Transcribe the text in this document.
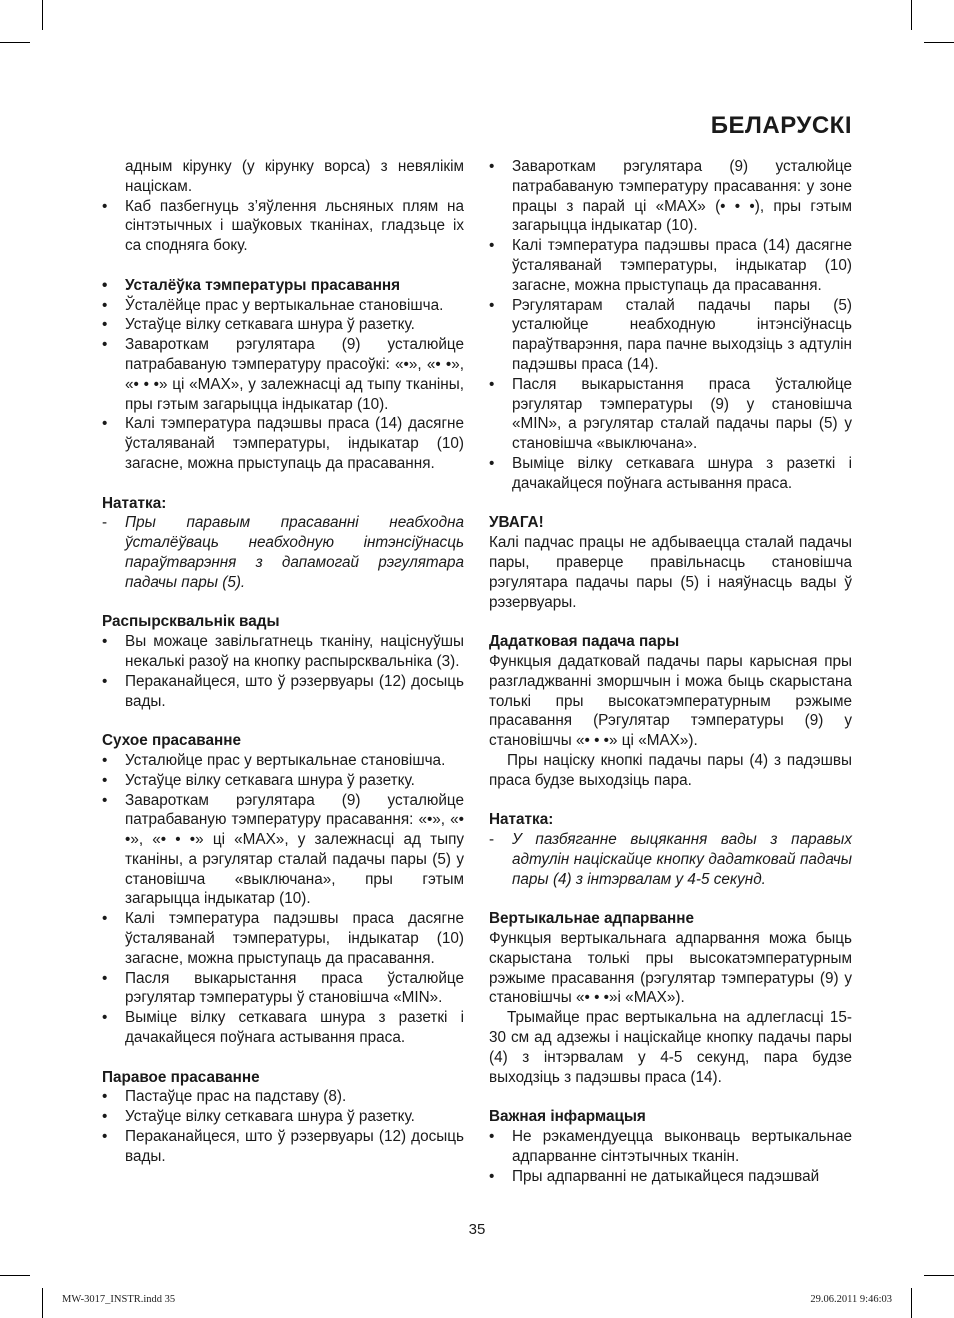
БЕЛАРУСКІ

адным кірунку (у кірунку ворса) з невялікім націскам.

• Каб пазбегнуць з’яўлення льсняных плям на сінтэтычных і шаўковых тканінах, гладзьце іх са сподняга боку.
• Усталёўка тэмпературы прасавання
• Ўсталёйце прас у вертыкальнае становішча.
• Устаўце вілку сеткавага шнура ў разетку.
• Завароткам рэгулятара (9) усталюйце патрабаваную тэмпературу прасоўкі: «•», «• •», «• • •» ці «MAX», у залежнасці ад тыпу тканіны, пры гэтым загарыцца індыкатар (10).
• Калі тэмпература падэшвы праса (14) дасягне ўсталяванай тэмпературы, індыкатар (10) загасне, можна прыступаць да прасавання.

Нататка:

- Пры паравым прасаванні неабходна ўсталёўваць неабходную інтэнсіўнасць параўтварэння з дапамогай рэгулятара падачы пары (5).

Распырсквальнік вады

• Вы можаце завільгатнець тканіну, націснуўшы некалькі разоў на кнопку распырсквальніка (3).
• Пераканайцеся, што ў рэзервуары (12) досыць вады.

Сухое прасаванне

• Усталюйце прас у вертыкальнае становішча.
• Устаўце вілку сеткавага шнура ў разетку.
• Завароткам рэгулятара (9) усталюйце патрабаваную тэмпературу прасавання: «•», «• •», «• • •» ці «MAX», у залежнасці ад тыпу тканіны, а рэгулятар сталай падачы пары (5) у становішча «выключана», пры гэтым загарыцца індыкатар (10).
• Калі тэмпература падэшвы праса дасягне ўсталяванай тэмпературы, індыкатар (10) загасне, можна прыступаць да прасавання.
• Пасля выкарыстання праса ўсталюйце рэгулятар тэмпературы ў становішча «MIN».
• Выміце вілку сеткавага шнура з разеткі і дачакайцеся поўнага астывання праса.

Паравое прасаванне

• Пастаўце прас на падставу (8).
• Устаўце вілку сеткавага шнура ў разетку.
• Пераканайцеся, што ў рэзервуары (12) досыць вады.
• Завароткам рэгулятара (9) усталюйце патрабаваную тэмпературу прасавання: у зоне працы з парай ці «MAX» (• • •), пры гэтым загарыцца індыкатар (10).
• Калі тэмпература падэшвы праса (14) дасягне ўсталяванай тэмпературы, індыкатар (10) загасне, можна прыступаць да прасавання.
• Рэгулятарам сталай падачы пары (5) усталюйце неабходную інтэнсіўнасць параўтварэння, пара пачне выходзіць з адтулін падэшвы праса (14).
• Пасля выкарыстання праса ўсталюйце рэгулятар тэмпературы (9) у становішча «MIN», а рэгулятар сталай падачы пары (5) у становішча «выключана».
• Выміце вілку сеткавага шнура з разеткі і дачакайцеся поўнага астывання праса.

УВАГА!

Калі падчас працы не адбываецца сталай падачы пары, праверце правільнасць становішча рэгулятара падачы пары (5) і наяўнасць вады ў рэзервуары.

Дадатковая падача пары

Функцыя дадатковай падачы пары карысная пры разгладжванні зморшчын і можа быць скарыстана толькі пры высокатэмпературным рэжыме прасавання (Рэгулятар тэмпературы (9) у становішчы «• • •» ці «MAX»).

Пры націску кнопкі падачы пары (4) з падэшвы праса будзе выходзіць пара.

Нататка:

- У пазбяганне выцякання вады з паравых адтулін націскайце кнопку дадатковай падачы пары (4) з інтэрвалам у 4-5 секунд.

Вертыкальнае адпарванне

Функцыя вертыкальнага адпарвання можа быць скарыстана толькі пры высокатэмпературным рэжыме прасавання (рэгулятар тэмпературы (9) у становішчы «• • •»і «MAX»).

Трымайце прас вертыкальна на адлегласці 15-30 см ад адзежы і націскайце кнопку падачы пары (4) з інтэрвалам у 4-5 секунд, пара будзе выходзіць з падэшвы праса (14).

Важная інфармацыя

• Не рэкамендуецца выконваць вертыкальнае адпарванне сінтэтычных тканін.
• Пры адпарванні не датыкайцеся падэшвай
35
MW-3017_INSTR.indd 35	29.06.2011 9:46:03
